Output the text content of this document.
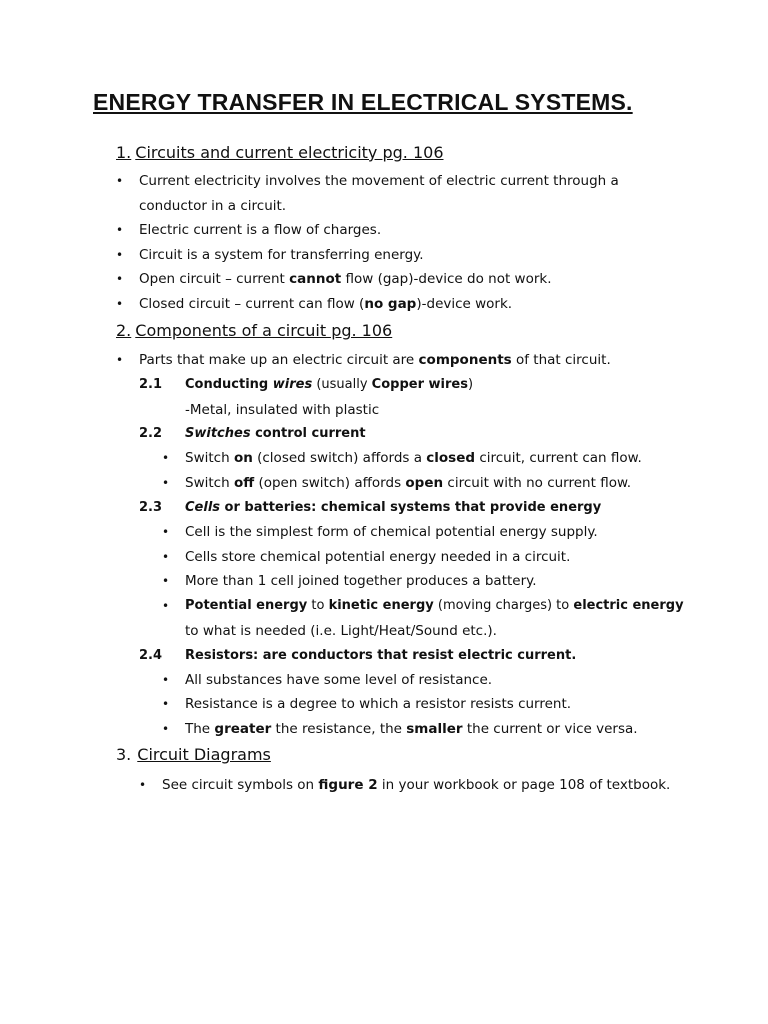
ENERGY TRANSFER IN ELECTRICAL SYSTEMS.
1. Circuits and current electricity pg. 106
• Current electricity involves the movement of electric current through a
conductor in a circuit.
• Electric current is a flow of charges.
• Circuit is a system for transferring energy.
• Open circuit – current cannot flow (gap)-device do not work.
• Closed circuit – current can flow (no gap)-device work.
2. Components of a circuit pg. 106
• Parts that make up an electric circuit are components of that circuit.
2.1 Conducting wires (usually Copper wires)
-Metal, insulated with plastic
2.2 Switches control current
• Switch on (closed switch) affords a closed circuit, current can flow.
• Switch off (open switch) affords open circuit with no current flow.
2.3 Cells or batteries: chemical systems that provide energy
• Cell is the simplest form of chemical potential energy supply.
• Cells store chemical potential energy needed in a circuit.
• More than 1 cell joined together produces a battery.
• Potential energy to kinetic energy (moving charges) to electric energy
to what is needed (i.e. Light/Heat/Sound etc.).
2.4 Resistors: are conductors that resist electric current.
• All substances have some level of resistance.
• Resistance is a degree to which a resistor resists current.
• The greater the resistance, the smaller the current or vice versa.
3. Circuit Diagrams
• See circuit symbols on figure 2 in your workbook or page 108 of textbook.
